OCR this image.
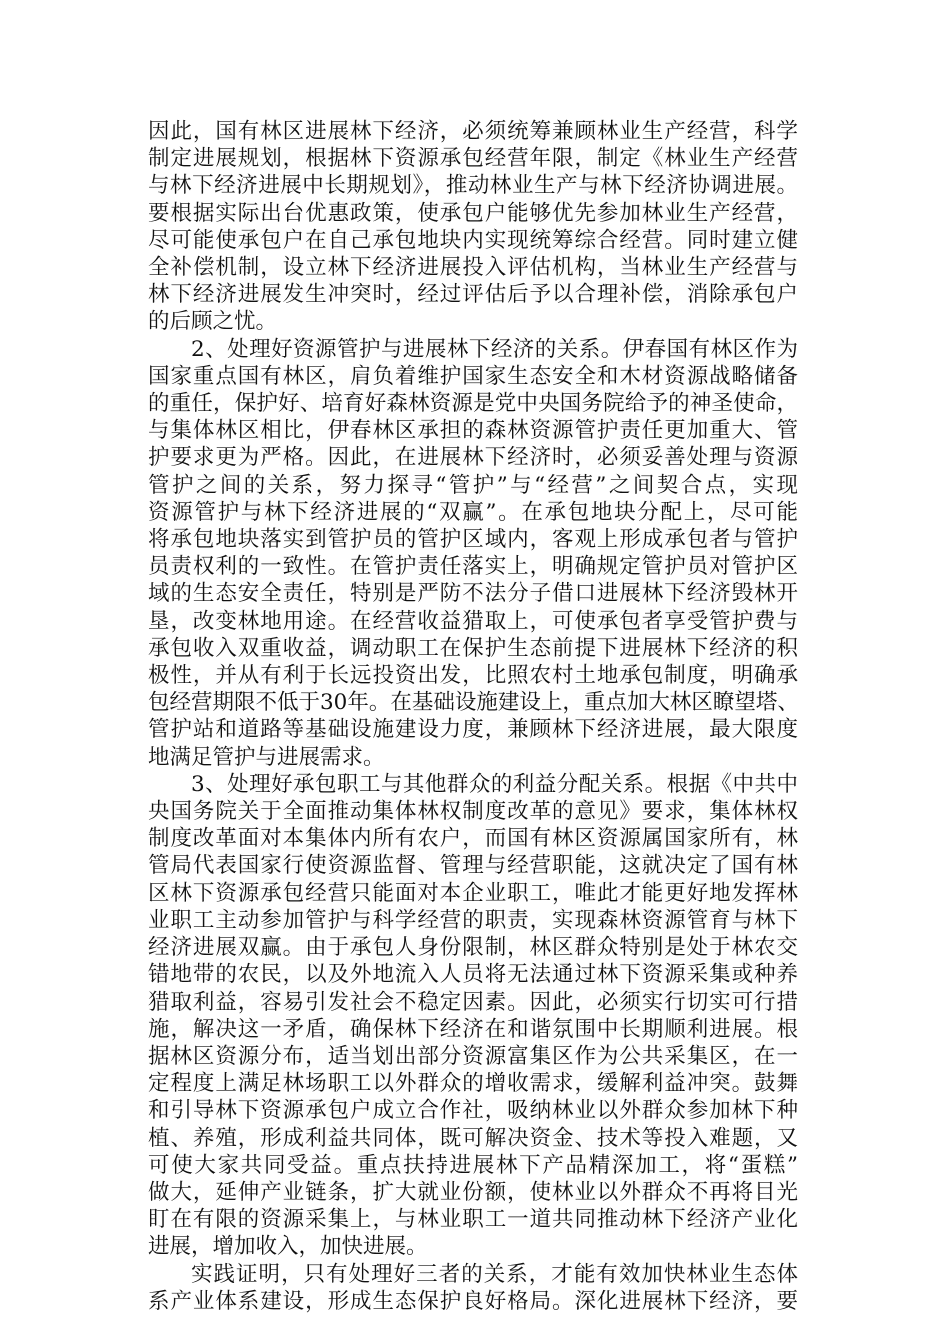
因此，国有林区进展林下经济，必须统筹兼顾林业生产经营，科学
制定进展规划，根据林下资源承包经营年限，制定《林业生产经营
与林下经济进展中长期规划》，推动林业生产与林下经济协调进展。
要根据实际出台优惠政策，使承包户能够优先参加林业生产经营，
尽可能使承包户在自己承包地块内实现统筹综合经营。同时建立健
全补偿机制，设立林下经济进展投入评估机构，当林业生产经营与
林下经济进展发生冲突时，经过评估后予以合理补偿，消除承包户
的后顾之忧。
2、处理好资源管护与进展林下经济的关系。伊春国有林区作为
国家重点国有林区，肩负着维护国家生态安全和木材资源战略储备
的重任，保护好、培育好森林资源是党中央国务院给予的神圣使命，
与集体林区相比，伊春林区承担的森林资源管护责任更加重大、管
护要求更为严格。因此，在进展林下经济时，必须妥善处理与资源
管护之间的关系，努力探寻“管护”与“经营”之间契合点，实现
资源管护与林下经济进展的“双赢”。在承包地块分配上，尽可能
将承包地块落实到管护员的管护区域内，客观上形成承包者与管护
员责权利的一致性。在管护责任落实上，明确规定管护员对管护区
域的生态安全责任，特别是严防不法分子借口进展林下经济毁林开
垦，改变林地用途。在经营收益猎取上，可使承包者享受管护费与
承包收入双重收益，调动职工在保护生态前提下进展林下经济的积
极性，并从有利于长远投资出发，比照农村土地承包制度，明确承
包经营期限不低于30年。在基础设施建设上，重点加大林区瞭望塔、
管护站和道路等基础设施建设力度，兼顾林下经济进展，最大限度
地满足管护与进展需求。
3、处理好承包职工与其他群众的利益分配关系。根据《中共中
央国务院关于全面推动集体林权制度改革的意见》要求，集体林权
制度改革面对本集体内所有农户，而国有林区资源属国家所有，林
管局代表国家行使资源监督、管理与经营职能，这就决定了国有林
区林下资源承包经营只能面对本企业职工，唯此才能更好地发挥林
业职工主动参加管护与科学经营的职责，实现森林资源管育与林下
经济进展双赢。由于承包人身份限制，林区群众特别是处于林农交
错地带的农民，以及外地流入人员将无法通过林下资源采集或种养
猎取利益，容易引发社会不稳定因素。因此，必须实行切实可行措
施，解决这一矛盾，确保林下经济在和谐氛围中长期顺利进展。根
据林区资源分布，适当划出部分资源富集区作为公共采集区，在一
定程度上满足林场职工以外群众的增收需求，缓解利益冲突。鼓舞
和引导林下资源承包户成立合作社，吸纳林业以外群众参加林下种
植、养殖，形成利益共同体，既可解决资金、技术等投入难题，又
可使大家共同受益。重点扶持进展林下产品精深加工，将“蛋糕”
做大，延伸产业链条，扩大就业份额，使林业以外群众不再将目光
盯在有限的资源采集上，与林业职工一道共同推动林下经济产业化
进展，增加收入，加快进展。
实践证明，只有处理好三者的关系，才能有效加快林业生态体
系产业体系建设，形成生态保护良好格局。深化进展林下经济，要
